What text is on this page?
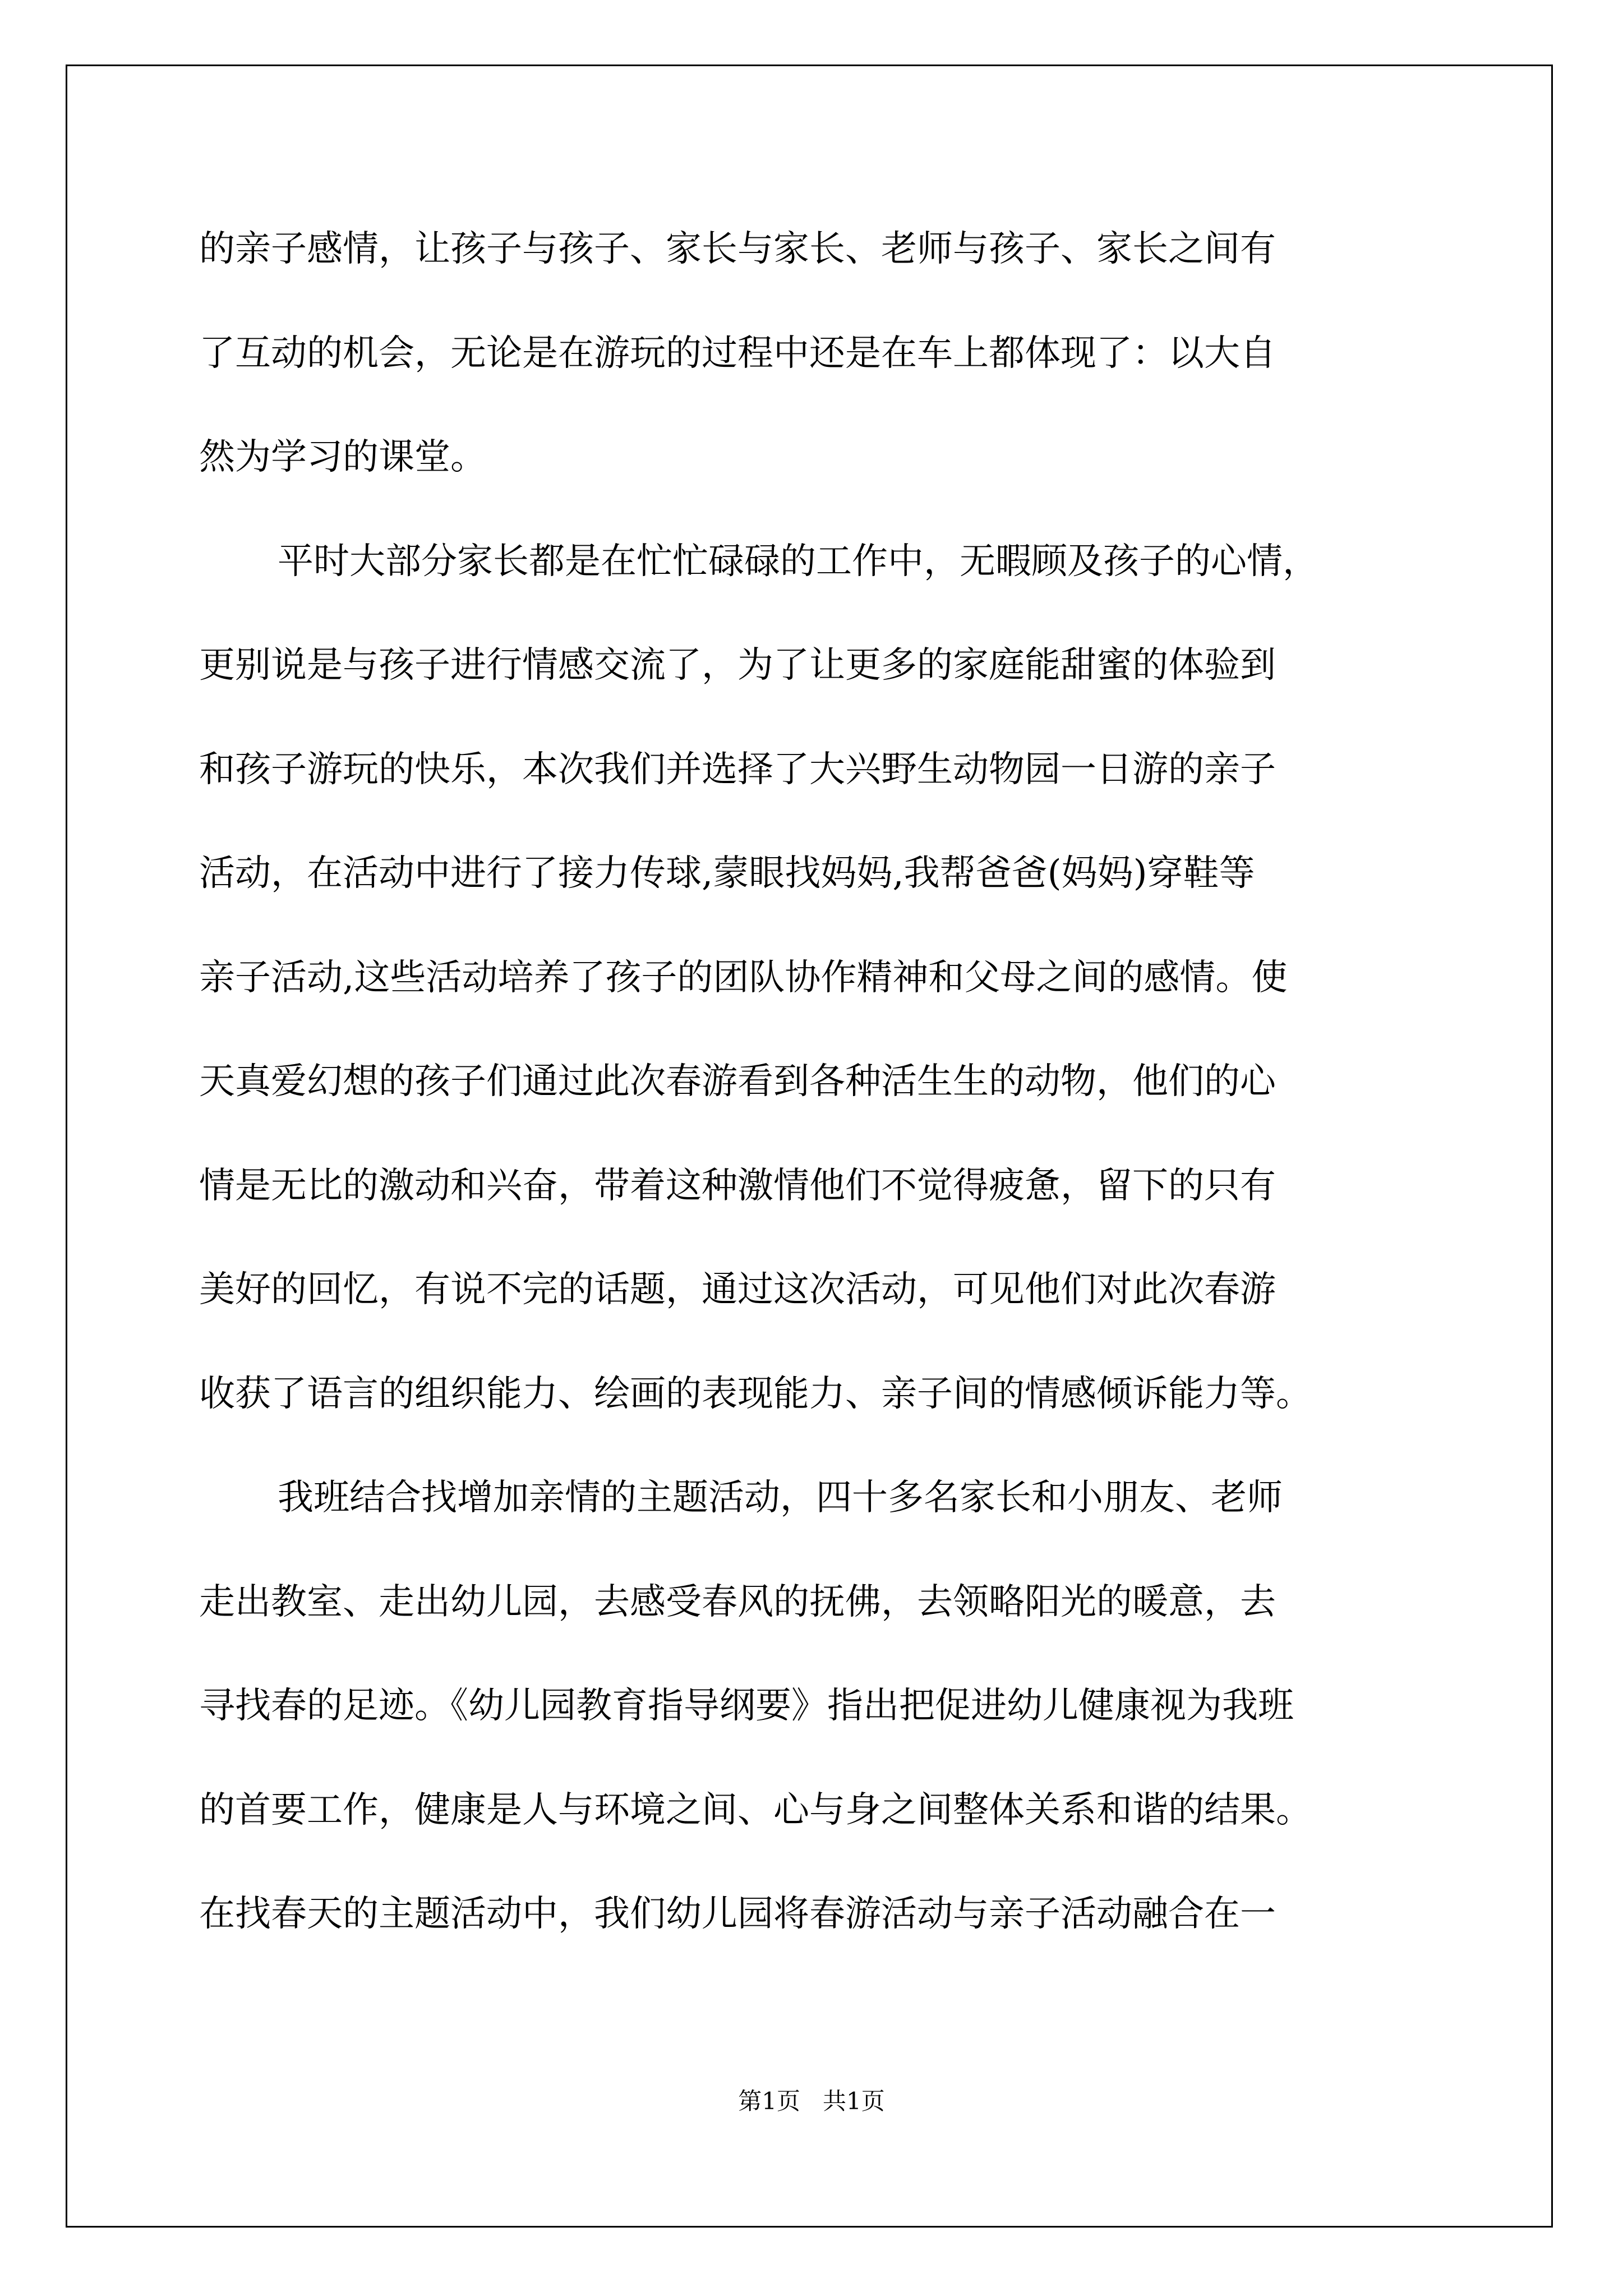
的亲子感情，让孩子与孩子、家长与家长、老师与孩子、家长之间有
了互动的机会，无论是在游玩的过程中还是在车上都体现了：以大自
然为学习的课堂。

平时大部分家长都是在忙忙碌碌的工作中，无暇顾及孩子的心情，
更别说是与孩子进行情感交流了，为了让更多的家庭能甜蜜的体验到
和孩子游玩的快乐，本次我们并选择了大兴野生动物园一日游的亲子
活动，在活动中进行了接力传球,蒙眼找妈妈,我帮爸爸(妈妈)穿鞋等
亲子活动,这些活动培养了孩子的团队协作精神和父母之间的感情。使
天真爱幻想的孩子们通过此次春游看到各种活生生的动物，他们的心
情是无比的激动和兴奋，带着这种激情他们不觉得疲惫，留下的只有
美好的回忆，有说不完的话题，通过这次活动，可见他们对此次春游
收获了语言的组织能力、绘画的表现能力、亲子间的情感倾诉能力等。

我班结合找增加亲情的主题活动，四十多名家长和小朋友、老师
走出教室、走出幼儿园，去感受春风的抚佛，去领略阳光的暖意，去
寻找春的足迹。《幼儿园教育指导纲要》指出把促进幼儿健康视为我班
的首要工作，健康是人与环境之间、心与身之间整体关系和谐的结果。
在找春天的主题活动中，我们幼儿园将春游活动与亲子活动融合在一

第1页   共1页
